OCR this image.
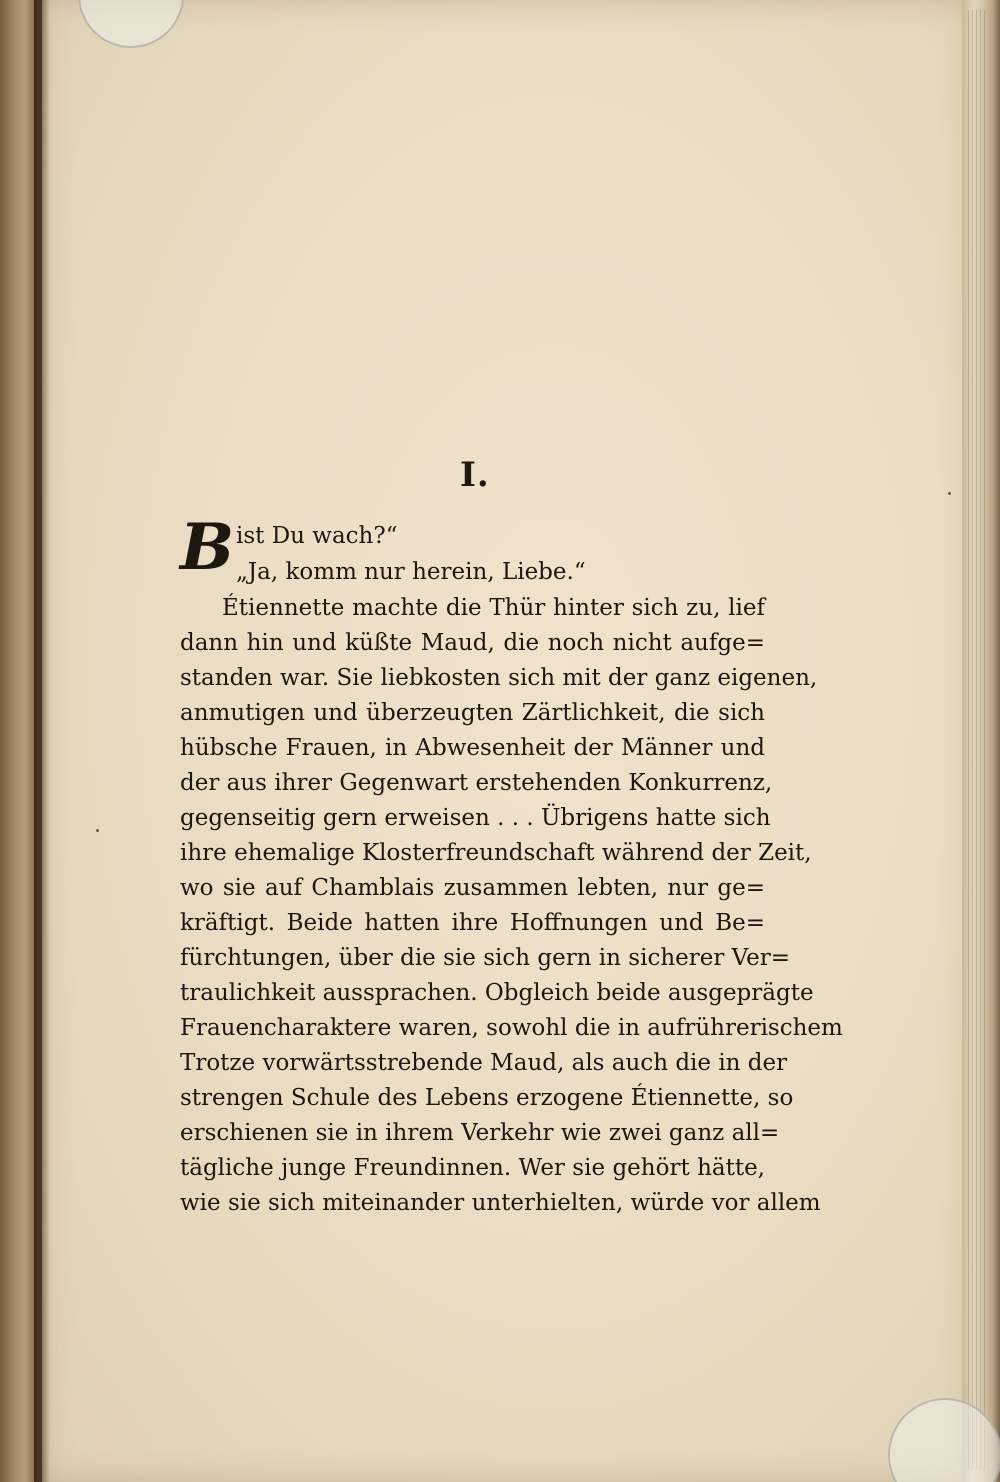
I.
B ist Du wach?“
„Ja, komm nur herein, Liebe.“
Étiennette machte die Thür hinter sich zu, lief
dann hin und küßte Maud, die noch nicht aufge=
standen war. Sie liebkosten sich mit der ganz eigenen,
anmutigen und überzeugten Zärtlichkeit, die sich
hübsche Frauen, in Abwesenheit der Männer und
der aus ihrer Gegenwart erstehenden Konkurrenz,
gegenseitig gern erweisen . . . Übrigens hatte sich
ihre ehemalige Klosterfreundschaft während der Zeit,
wo sie auf Chamblais zusammen lebten, nur ge=
kräftigt. Beide hatten ihre Hoffnungen und Be=
fürchtungen, über die sie sich gern in sicherer Ver=
traulichkeit aussprachen. Obgleich beide ausgeprägte
Frauencharaktere waren, sowohl die in aufrührerischem
Trotze vorwärtsstrebende Maud, als auch die in der
strengen Schule des Lebens erzogene Étiennette, so
erschienen sie in ihrem Verkehr wie zwei ganz all=
tägliche junge Freundinnen. Wer sie gehört hätte,
wie sie sich miteinander unterhielten, würde vor allem
